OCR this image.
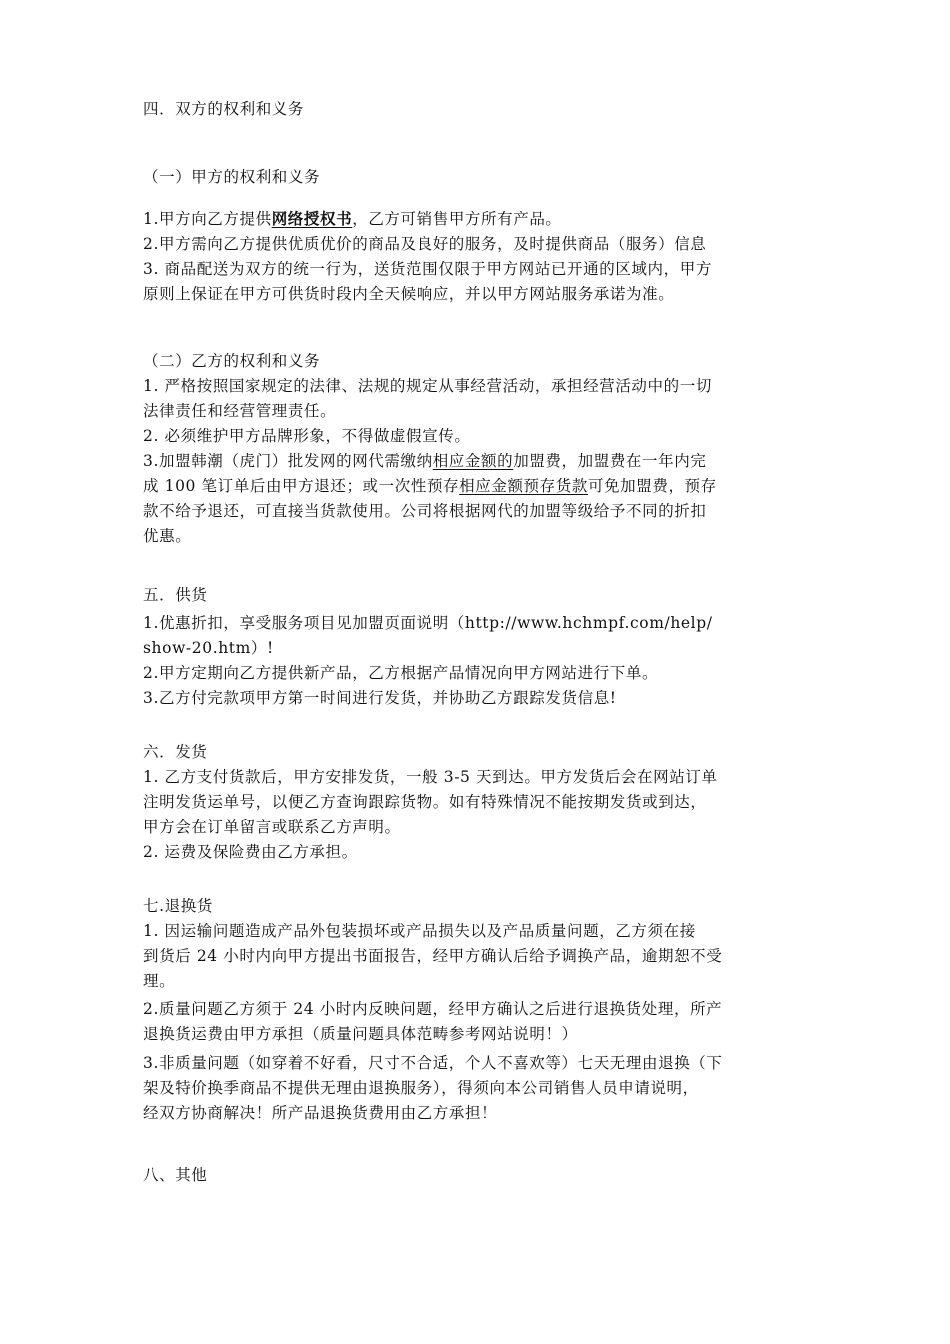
四．双方的权利和义务
（一）甲方的权利和义务
1.甲方向乙方提供网络授权书，乙方可销售甲方所有产品。
2.甲方需向乙方提供优质优价的商品及良好的服务，及时提供商品（服务）信息
3. 商品配送为双方的统一行为，送货范围仅限于甲方网站已开通的区域内，甲方
原则上保证在甲方可供货时段内全天候响应，并以甲方网站服务承诺为准。
（二）乙方的权利和义务
1. 严格按照国家规定的法律、法规的规定从事经营活动，承担经营活动中的一切
法律责任和经营管理责任。
2. 必须维护甲方品牌形象，不得做虚假宣传。
3.加盟韩潮（虎门）批发网的网代需缴纳相应金额的加盟费，加盟费在一年内完
成 100 笔订单后由甲方退还；或一次性预存相应金额预存货款可免加盟费，预存
款不给予退还，可直接当货款使用。公司将根据网代的加盟等级给予不同的折扣
优惠。
五．供货
1.优惠折扣，享受服务项目见加盟页面说明（http://www.hchmpf.com/help/
show-20.htm）!
2.甲方定期向乙方提供新产品，乙方根据产品情况向甲方网站进行下单。
3.乙方付完款项甲方第一时间进行发货，并协助乙方跟踪发货信息!
六．发货
1. 乙方支付货款后，甲方安排发货，一般 3-5 天到达。甲方发货后会在网站订单
注明发货运单号，以便乙方查询跟踪货物。如有特殊情况不能按期发货或到达，
甲方会在订单留言或联系乙方声明。
2. 运费及保险费由乙方承担。
七.退换货
1. 因运输问题造成产品外包装损坏或产品损失以及产品质量问题，乙方须在接
到货后 24 小时内向甲方提出书面报告，经甲方确认后给予调换产品，逾期恕不受
理。
2.质量问题乙方须于 24 小时内反映问题，经甲方确认之后进行退换货处理，所产
退换货运费由甲方承担（质量问题具体范畴参考网站说明！）
3.非质量问题（如穿着不好看，尺寸不合适，个人不喜欢等）七天无理由退换（下
架及特价换季商品不提供无理由退换服务），得须向本公司销售人员申请说明，
经双方协商解决！所产品退换货费用由乙方承担！
八、其他
